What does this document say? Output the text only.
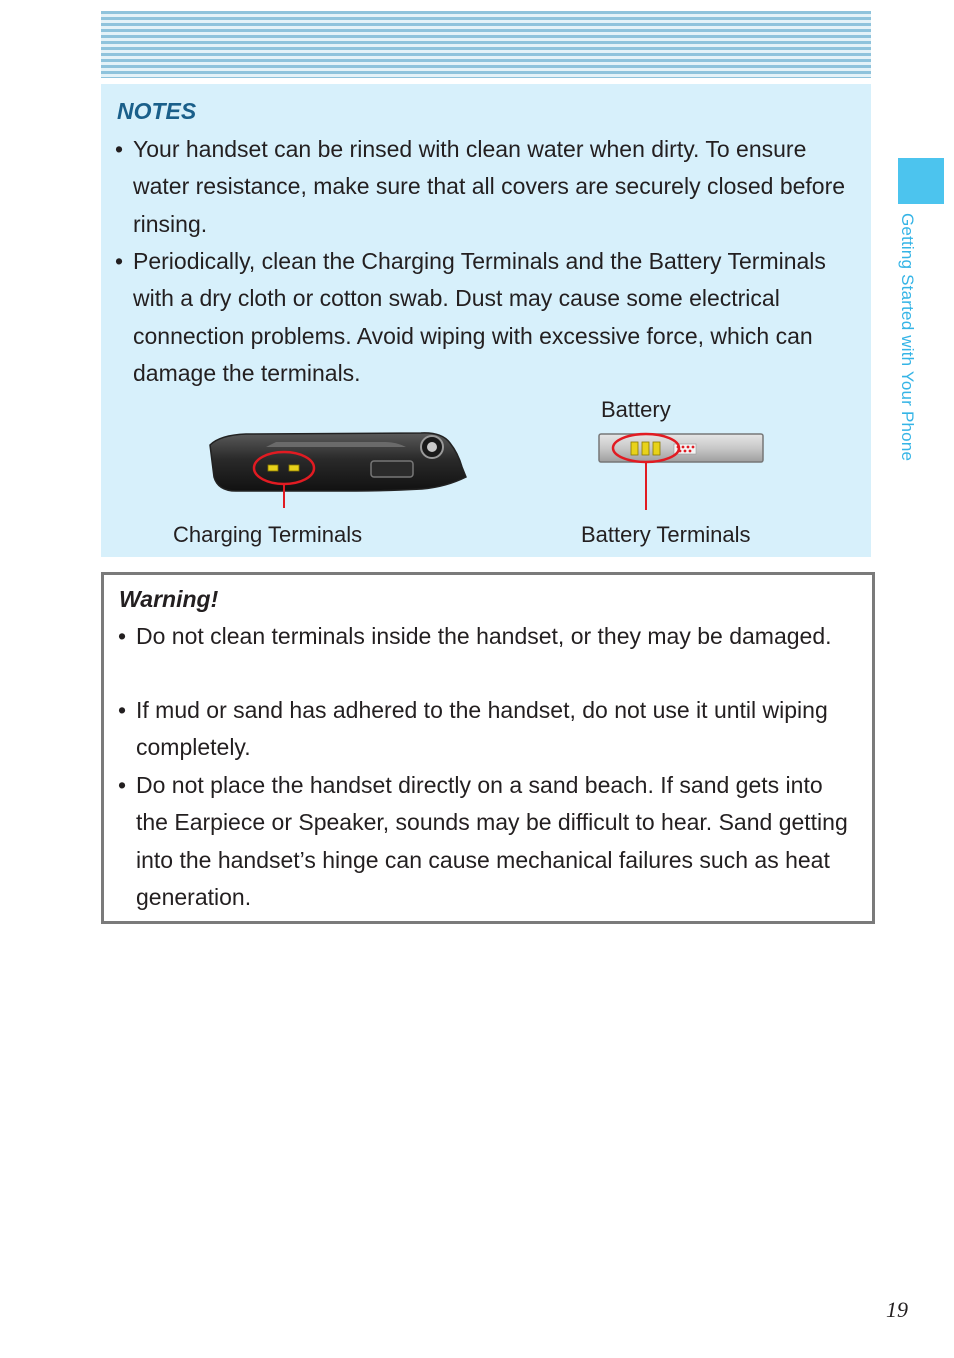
NOTES
• Your handset can be rinsed with clean water when dirty. To ensure water resistance, make sure that all covers are securely closed before rinsing.
• Periodically, clean the Charging Terminals and the Battery Terminals with a dry cloth or cotton swab. Dust may cause some electrical connection problems. Avoid wiping with excessive force, which can damage the terminals.
Battery
Charging Terminals	Battery Terminals
Warning!
• Do not clean terminals inside the handset, or they may be damaged.
• If mud or sand has adhered to the handset, do not use it until wiping completely.
• Do not place the handset directly on a sand beach. If sand gets into the Earpiece or Speaker, sounds may be difficult to hear. Sand getting into the handset’s hinge can cause mechanical failures such as heat generation.
Getting Started with Your Phone
19
